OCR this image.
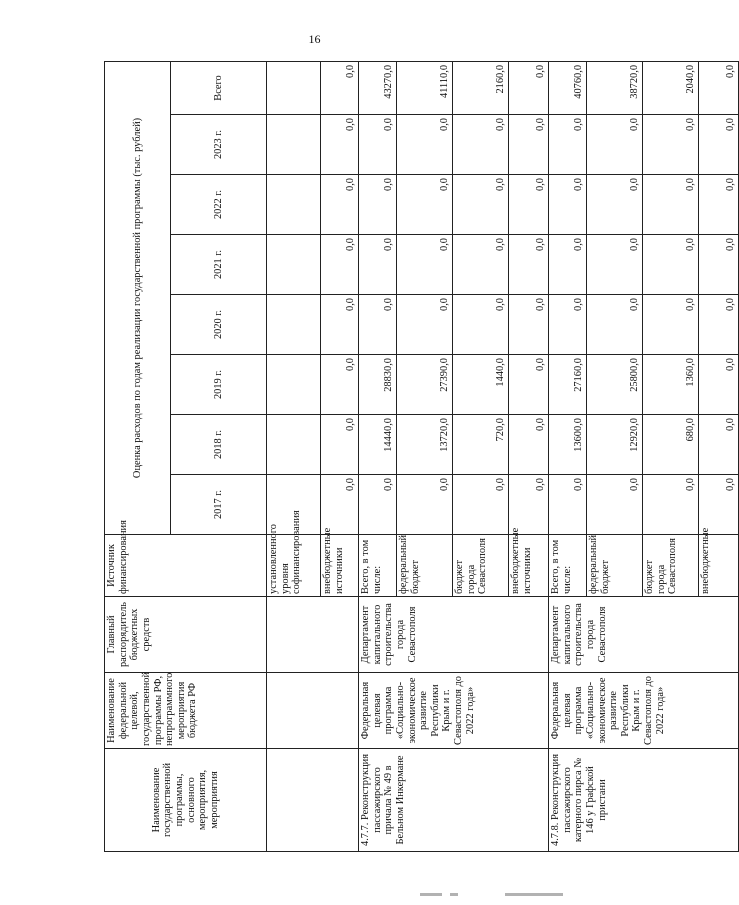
16
Наименование государственной программы, основного мероприятия, мероприятия	Наименование федеральной целевой, государственной программы РФ, непрограммного мероприятия бюджета РФ	Главный распорядитель бюджетных средств	Источник финансирования	Оценка расходов по годам реализации государственной программы (тыс. рублей)							
				2017 г.	2018 г.	2019 г.	2020 г.	2021 г.	2022 г.	2023 г.	Всего
			установленного уровня софинансирования								
			внебюджетные источники	0,0	0,0	0,0	0,0	0,0	0,0	0,0	0,0
4.7.7. Реконструкция пассажирского причала № 49 в Бельном Инкермане	Федеральная целевая программа «Социально-экономическое развитие Республики Крым и г. Севастополя до 2022 года»	Департамент капитального строительства города Севастополя	Всего, в том числе:	0,0	14440,0	28830,0	0,0	0,0	0,0	0,0	43270,0
			федеральный бюджет	0,0	13720,0	27390,0	0,0	0,0	0,0	0,0	41110,0
			бюджет города Севастополя	0,0	720,0	1440,0	0,0	0,0	0,0	0,0	2160,0
			внебюджетные источники	0,0	0,0	0,0	0,0	0,0	0,0	0,0	0,0
4.7.8. Реконструкция пассажирского катерного пирса № 146 у Графской пристани	Федеральная целевая программа «Социально-экономическое развитие Республики Крым и г. Севастополя до 2022 года»	Департамент капитального строительства города Севастополя	Всего, в том числе:	0,0	13600,0	27160,0	0,0	0,0	0,0	0,0	40760,0
			федеральный бюджет	0,0	12920,0	25800,0	0,0	0,0	0,0	0,0	38720,0
			бюджет города Севастополя	0,0	680,0	1360,0	0,0	0,0	0,0	0,0	2040,0
			внебюджетные	0,0	0,0	0,0	0,0	0,0	0,0	0,0	0,0
